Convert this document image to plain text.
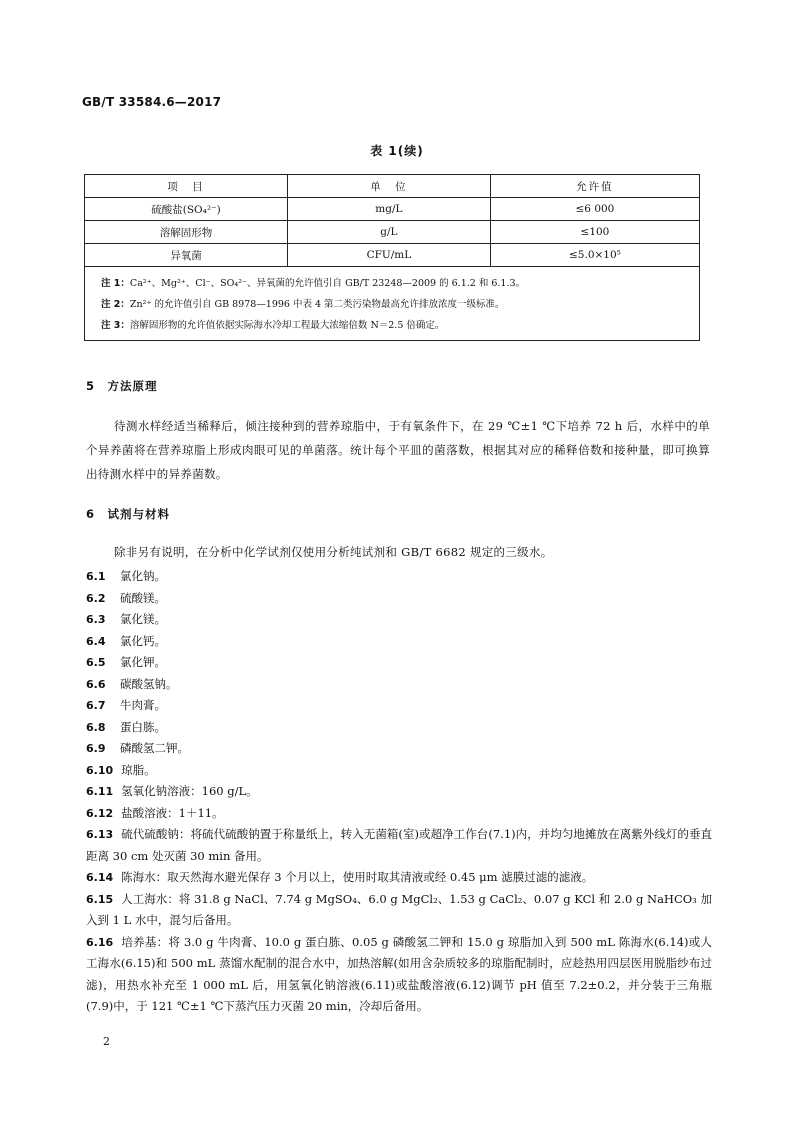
GB/T 33584.6—2017
表 1(续)
项　目	单　位	允许值
硫酸盐(SO₄²⁻)	mg/L	≤6 000
溶解固形物	g/L	≤100
异氧菌	CFU/mL	≤5.0×10⁵

注 1：Ca²⁺、Mg²⁺、Cl⁻、SO₄²⁻、异氧菌的允许值引自 GB/T 23248—2009 的 6.1.2 和 6.1.3。
注 2：Zn²⁺ 的允许值引自 GB 8978—1996 中表 4 第二类污染物最高允许排放浓度一级标准。
注 3：溶解固形物的允许值依据实际海水冷却工程最大浓缩倍数 N＝2.5 倍确定。		
5　方法原理
待测水样经适当稀释后，倾注接种到的营养琼脂中，于有氧条件下，在 29 ℃±1 ℃下培养 72 h 后，水样中的单个异养菌将在营养琼脂上形成肉眼可见的单菌落。统计每个平皿的菌落数，根据其对应的稀释倍数和接种量，即可换算出待测水样中的异养菌数。
6　试剂与材料
除非另有说明，在分析中化学试剂仅使用分析纯试剂和 GB/T 6682 规定的三级水。
6.1 氯化钠。
6.2 硫酸镁。
6.3 氯化镁。
6.4 氯化钙。
6.5 氯化钾。
6.6 碳酸氢钠。
6.7 牛肉膏。
6.8 蛋白胨。
6.9 磷酸氢二钾。
6.10 琼脂。
6.11 氢氧化钠溶液：160 g/L。
6.12 盐酸溶液：1＋11。
6.13 硫代硫酸钠：将硫代硫酸钠置于称量纸上，转入无菌箱(室)或超净工作台(7.1)内，并均匀地摊放在离紫外线灯的垂直距离 30 cm 处灭菌 30 min 备用。
6.14 陈海水：取天然海水避光保存 3 个月以上，使用时取其清液或经 0.45 μm 滤膜过滤的滤液。
6.15 人工海水：将 31.8 g NaCl、7.74 g MgSO₄、6.0 g MgCl₂、1.53 g CaCl₂、0.07 g KCl 和 2.0 g NaHCO₃ 加入到 1 L 水中，混匀后备用。
6.16 培养基：将 3.0 g 牛肉膏、10.0 g 蛋白胨、0.05 g 磷酸氢二钾和 15.0 g 琼脂加入到 500 mL 陈海水(6.14)或人工海水(6.15)和 500 mL 蒸馏水配制的混合水中，加热溶解(如用含杂质较多的琼脂配制时，应趁热用四层医用脱脂纱布过滤)，用热水补充至 1 000 mL 后，用氢氧化钠溶液(6.11)或盐酸溶液(6.12)调节 pH 值至 7.2±0.2，并分装于三角瓶(7.9)中，于 121 ℃±1 ℃下蒸汽压力灭菌 20 min，冷却后备用。
2
